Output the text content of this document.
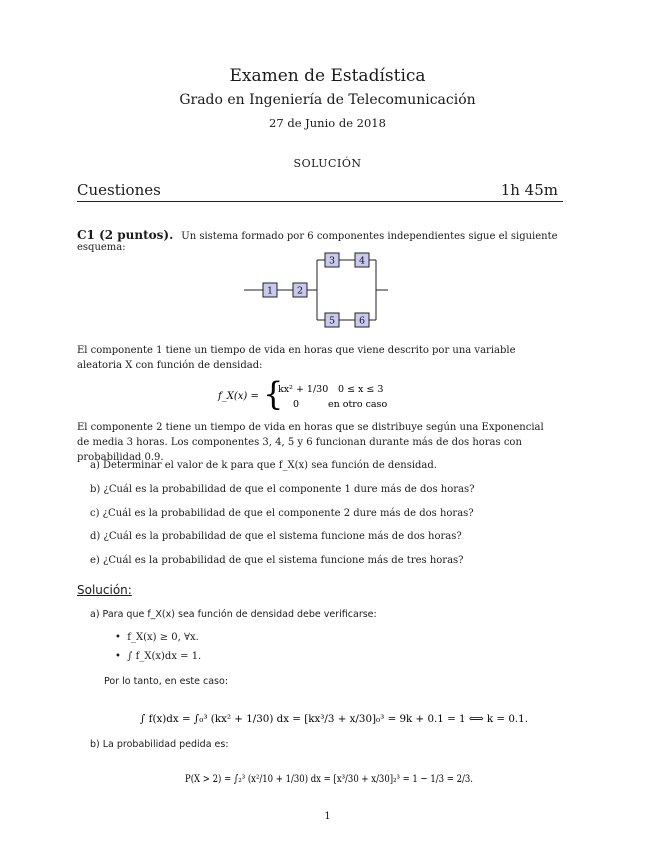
Examen de Estadística
Grado en Ingeniería de Telecomunicación
27 de Junio de 2018
SOLUCIÓN
Cuestiones	1h 45m
C1 (2 puntos). Un sistema formado por 6 componentes independientes sigue el siguiente esquema:
1	2
3	4
5	6
El componente 1 tiene un tiempo de vida en horas que viene descrito por una variable aleatoria X con función de densidad:
f_X(x) = {
kx² + 1/30 0 ≤ x ≤ 3
0	en otro caso
El componente 2 tiene un tiempo de vida en horas que se distribuye según una Exponencial de media 3 horas. Los componentes 3, 4, 5 y 6 funcionan durante más de dos horas con probabilidad 0.9.
a) Determinar el valor de k para que f_X(x) sea función de densidad.
b) ¿Cuál es la probabilidad de que el componente 1 dure más de dos horas?
c) ¿Cuál es la probabilidad de que el componente 2 dure más de dos horas?
d) ¿Cuál es la probabilidad de que el sistema funcione más de dos horas?
e) ¿Cuál es la probabilidad de que el sistema funcione más de tres horas?
Solución:
a) Para que f_X(x) sea función de densidad debe verificarse:
•  f_X(x) ≥ 0, ∀x.
•  ∫ f_X(x)dx = 1.
Por lo tanto, en este caso:
∫ f(x)dx = ∫₀³ (kx² + 1/30) dx = [kx³/3 + x/30]₀³ = 9k + 0.1 = 1 ⟺ k = 0.1.
b) La probabilidad pedida es:
P(X > 2) = ∫₂³ (x²/10 + 1/30) dx = [x³/30 + x/30]₂³ = 1 − 1/3 = 2/3.
1
